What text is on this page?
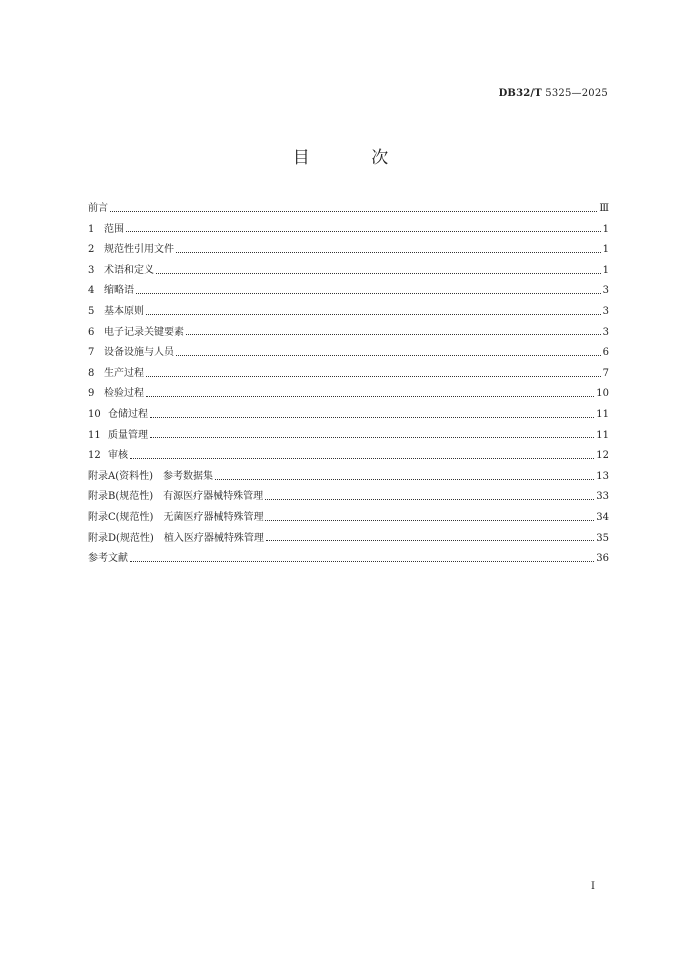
DB32/T 5325—2025
目 次
前言	Ⅲ
1 范围	1
2 规范性引用文件	1
3 术语和定义	1
4 缩略语	3
5 基本原则	3
6 电子记录关键要素	3
7 设备设施与人员	6
8 生产过程	7
9 检验过程	10
10 仓储过程	11
11 质量管理	11
12 审核	12
附录A(资料性)　参考数据集	13
附录B(规范性)　有源医疗器械特殊管理	33
附录C(规范性)　无菌医疗器械特殊管理	34
附录D(规范性)　植入医疗器械特殊管理	35
参考文献	36
Ⅰ
